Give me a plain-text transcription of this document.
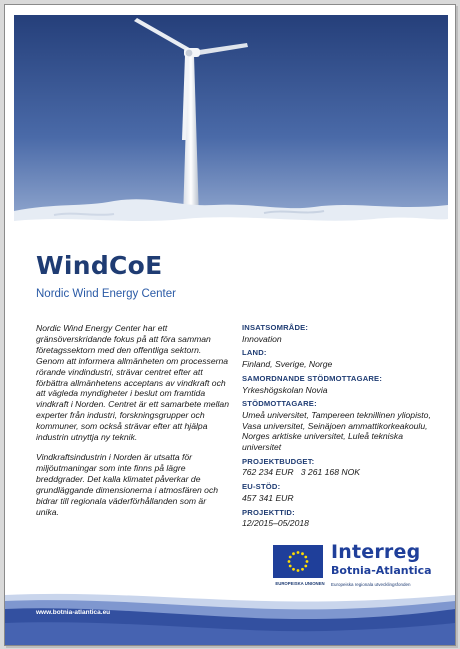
WindCoE
Nordic Wind Energy Center

Nordic Wind Energy Center har ett gränsöverskridande fokus på att föra samman företagssektorn med den offentliga sektorn. Genom att informera allmänheten om processerna rörande vindindustri, strävar centret efter att förbättra allmänhetens acceptans av vindkraft och att vägleda myndigheter i beslut om framtida vindkraft i Norden. Centret är ett samarbete mellan experter från industri, forskningsgrupper och kommuner, som också strävar efter att hjälpa industrin utnyttja ny teknik.

Vindkraftsindustrin i Norden är utsatta för miljöutmaningar som inte finns på lägre breddgrader. Det kalla klimatet påverkar de grundläggande dimensionerna i atmosfären och bidrar till regionala väderförhållanden som är unika.

INSATSOMRÅDE:
Innovation
LAND:
Finland, Sverige, Norge
SAMORDNANDE STÖDMOTTAGARE:
Yrkeshögskolan Novia
STÖDMOTTAGARE:
Umeå universitet, Tampereen teknillinen yliopisto, Vasa universitet, Seinäjoen ammattikorkeakoulu, Norges arktiske universitet, Luleå tekniska universitet
PROJEKTBUDGET:
762 234 EUR   3 261 168 NOK
EU-STÖD:
457 341 EUR
PROJEKTTID:
12/2015–05/2018
EUROPEISKA UNIONEN
Interreg
Botnia-Atlantica
Europeiska regionala utvecklingsfonden
www.botnia-atlantica.eu
